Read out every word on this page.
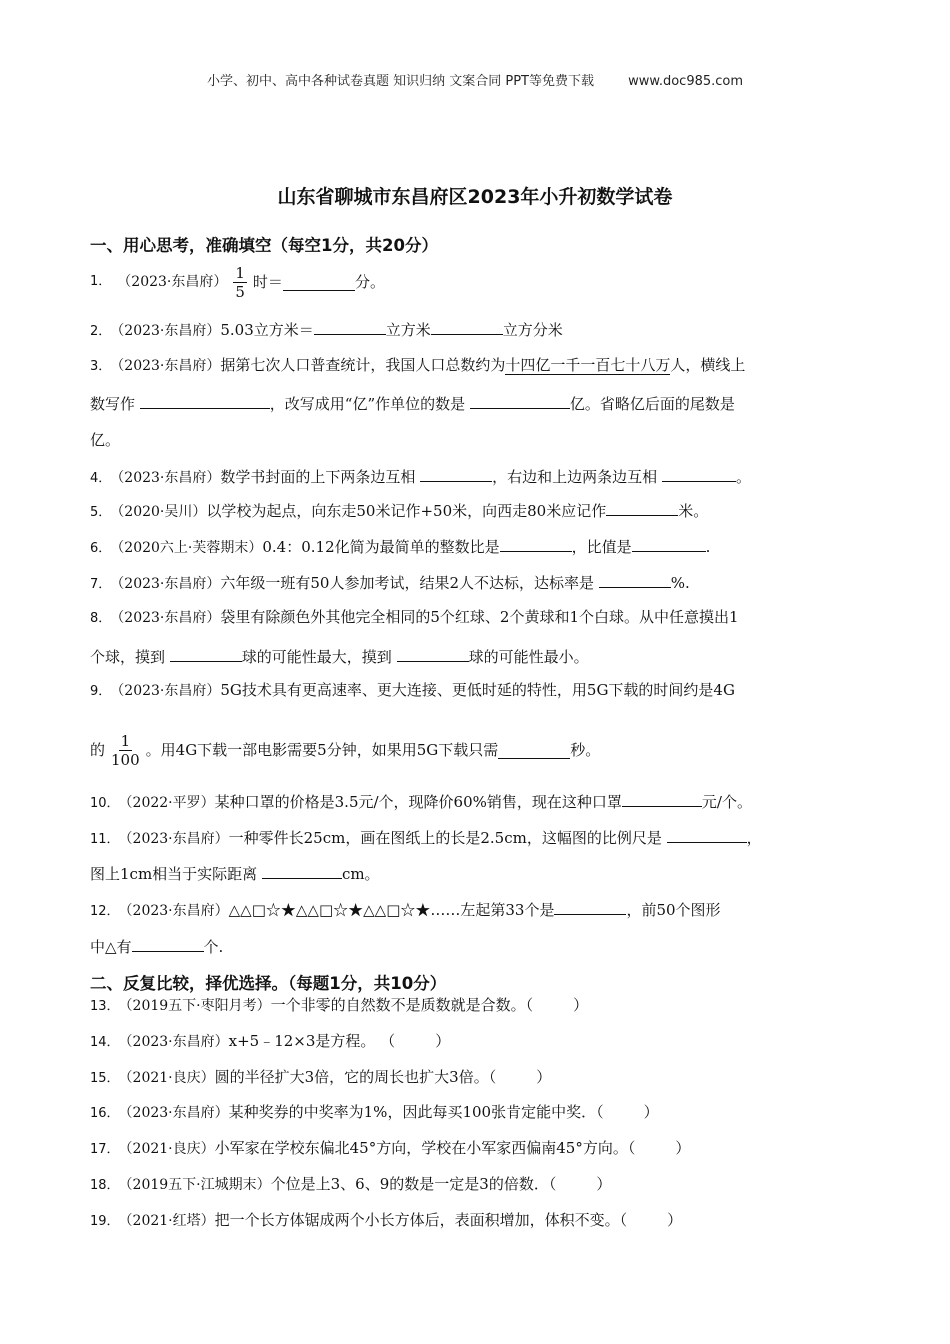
小学、初中、高中各种试卷真题 知识归纳 文案合同 PPT等免费下载	www.doc985.com
山东省聊城市东昌府区2023年小升初数学试卷
一、用心思考，准确填空（每空1分，共20分）
1． （2023·东昌府） $\frac{1}{5}$ 时＝	分。
2． （2023·东昌府）5.03立方米＝	立方米	立方分米
3． （2023·东昌府）据第七次人口普查统计，我国人口总数约为十四亿一千一百七十八万人，横线上
数写作	，改写成用“亿”作单位的数是	亿。省略亿后面的尾数是
亿。
4． （2023·东昌府）数学书封面的上下两条边互相	，右边和上边两条边互相	。
5． （2020·吴川）以学校为起点，向东走50米记作+50米，向西走80米应记作	米。
6． （2020六上·芙蓉期末）0.4：0.12化简为最简单的整数比是	，比值是	.
7． （2023·东昌府）六年级一班有50人参加考试，结果2人不达标，达标率是	%.
8． （2023·东昌府）袋里有除颜色外其他完全相同的5个红球、2个黄球和1个白球。从中任意摸出1
个球，摸到	球的可能性最大，摸到	球的可能性最小。
9． （2023·东昌府）5G技术具有更高速率、更大连接、更低时延的特性，用5G下载的时间约是4G
的 $\frac{1}{100}$ 。用4G下载一部电影需要5分钟，如果用5G下载只需	秒。
10． （2022·平罗）某种口罩的价格是3.5元/个，现降价60%销售，现在这种口罩	元/个。
11． （2023·东昌府）一种零件长25cm，画在图纸上的长是2.5cm，这幅图的比例尺是	，
图上1cm相当于实际距离	cm。
12． （2023·东昌府）△△□☆★△△□☆★△△□☆★……左起第33个是	，前50个图形
中△有	个.
二、反复比较，择优选择。（每题1分，共10分）
13． （2019五下·枣阳月考）一个非零的自然数不是质数就是合数。（	）
14． （2023·东昌府）x+5﹣12×3是方程。 （	）
15． （2021·良庆）圆的半径扩大3倍，它的周长也扩大3倍。（	）
16． （2023·东昌府）某种奖券的中奖率为1%，因此每买100张肯定能中奖．（	）
17． （2021·良庆）小军家在学校东偏北45°方向，学校在小军家西偏南45°方向。（	）
18． （2019五下·江城期末）个位是上3、6、9的数是一定是3的倍数．（	）
19． （2021·红塔）把一个长方体锯成两个小长方体后，表面积增加，体积不变。（	）
